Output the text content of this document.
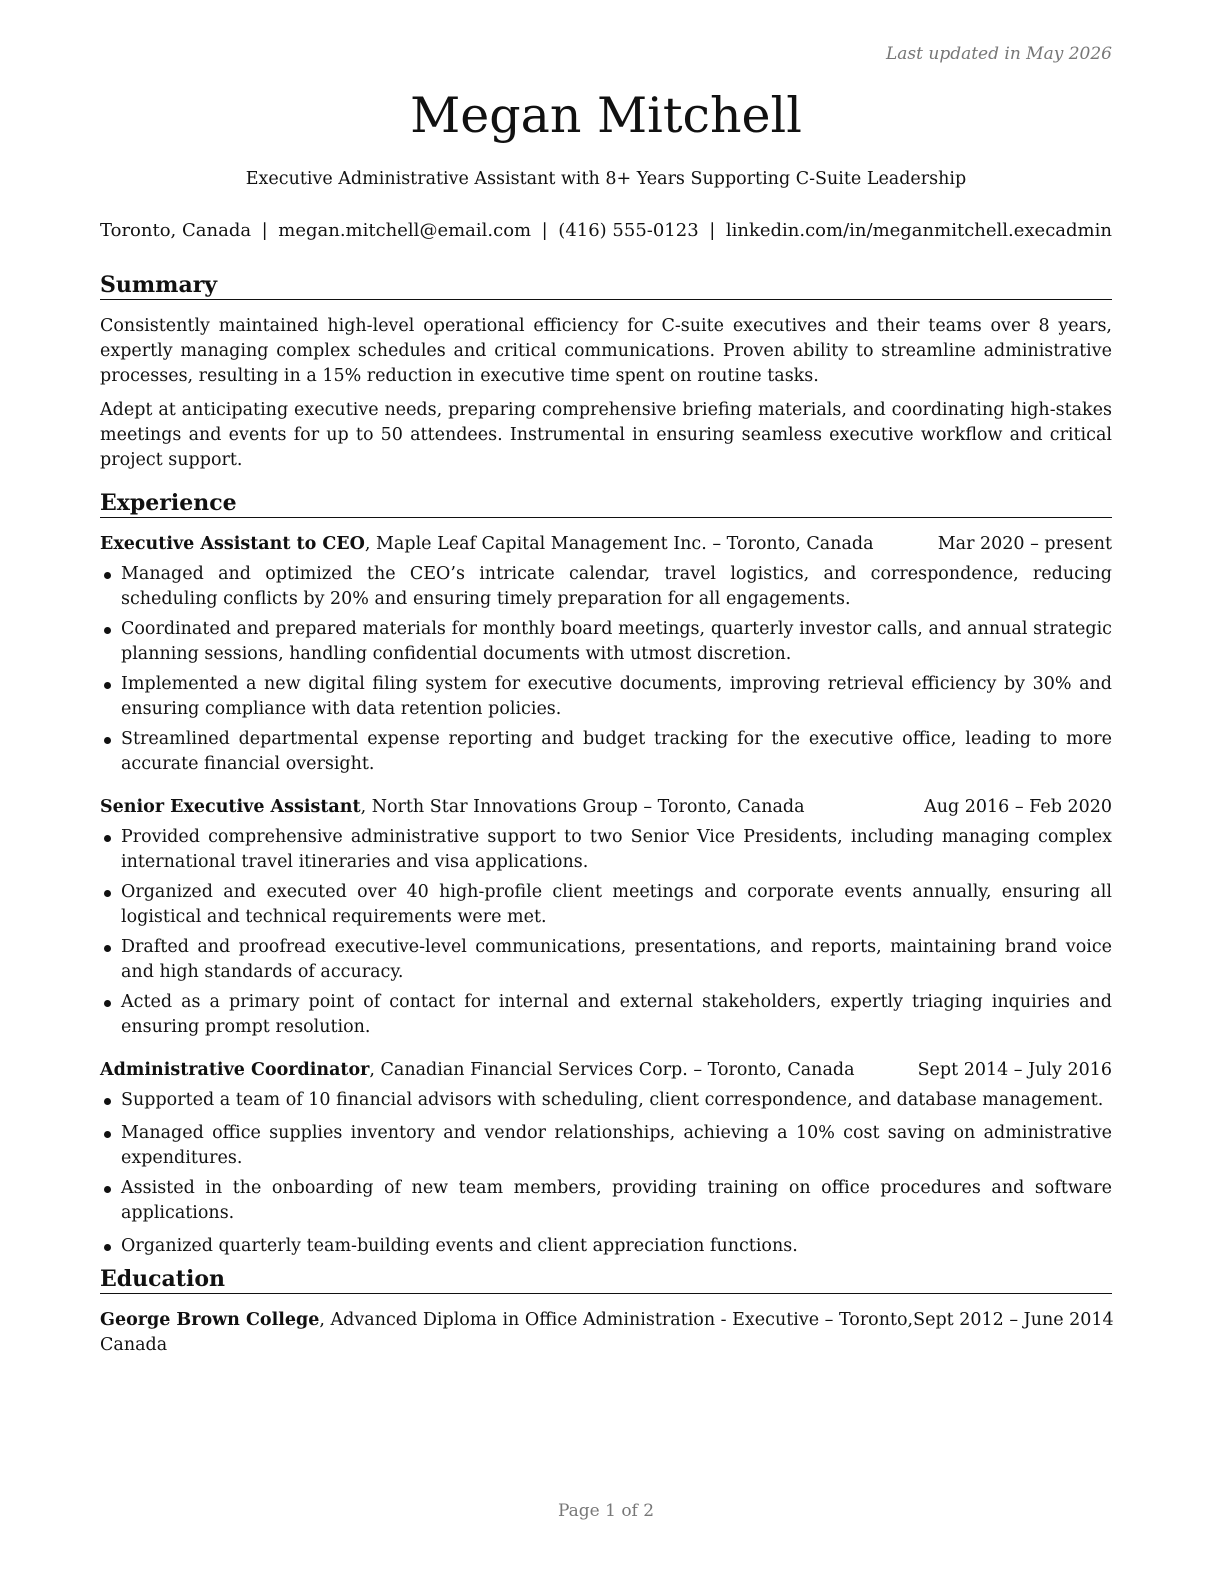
Last updated in May 2026
Megan Mitchell
Executive Administrative Assistant with 8+ Years Supporting C-Suite Leadership
Toronto, Canada | megan.mitchell@email.com | (416) 555-0123 | linkedin.com/in/meganmitchell.execadmin
Summary

Consistently maintained high-level operational efficiency for C-suite executives and their teams over 8 years, expertly managing complex schedules and critical communications. Proven ability to streamline administrative processes, resulting in a 15% reduction in executive time spent on routine tasks.

Adept at anticipating executive needs, preparing comprehensive briefing materials, and coordinating high-stakes meetings and events for up to 50 attendees. Instrumental in ensuring seamless executive workflow and critical project support.

Experience
Executive Assistant to CEO, Maple Leaf Capital Management Inc. – Toronto, Canada	Mar 2020 – present
Managed and optimized the CEO’s intricate calendar, travel logistics, and correspondence, reducing scheduling conflicts by 20% and ensuring timely preparation for all engagements.
Coordinated and prepared materials for monthly board meetings, quarterly investor calls, and annual strategic planning sessions, handling confidential documents with utmost discretion.
Implemented a new digital filing system for executive documents, improving retrieval efficiency by 30% and ensuring compliance with data retention policies.
Streamlined departmental expense reporting and budget tracking for the executive office, leading to more accurate financial oversight.
Senior Executive Assistant, North Star Innovations Group – Toronto, Canada	Aug 2016 – Feb 2020
Provided comprehensive administrative support to two Senior Vice Presidents, including managing complex international travel itineraries and visa applications.
Organized and executed over 40 high-profile client meetings and corporate events annually, ensuring all logistical and technical requirements were met.
Drafted and proofread executive-level communications, presentations, and reports, maintaining brand voice and high standards of accuracy.
Acted as a primary point of contact for internal and external stakeholders, expertly triaging inquiries and ensuring prompt resolution.
Administrative Coordinator, Canadian Financial Services Corp. – Toronto, Canada	Sept 2014 – July 2016
Supported a team of 10 financial advisors with scheduling, client correspondence, and database management.
Managed office supplies inventory and vendor relationships, achieving a 10% cost saving on administrative expenditures.
Assisted in the onboarding of new team members, providing training on office procedures and software applications.
Organized quarterly team-building events and client appreciation functions.
Education
George Brown College, Advanced Diploma in Office Administration - Executive – Toronto, Sept 2012 – June 2014
Canada
Page 1 of 2
